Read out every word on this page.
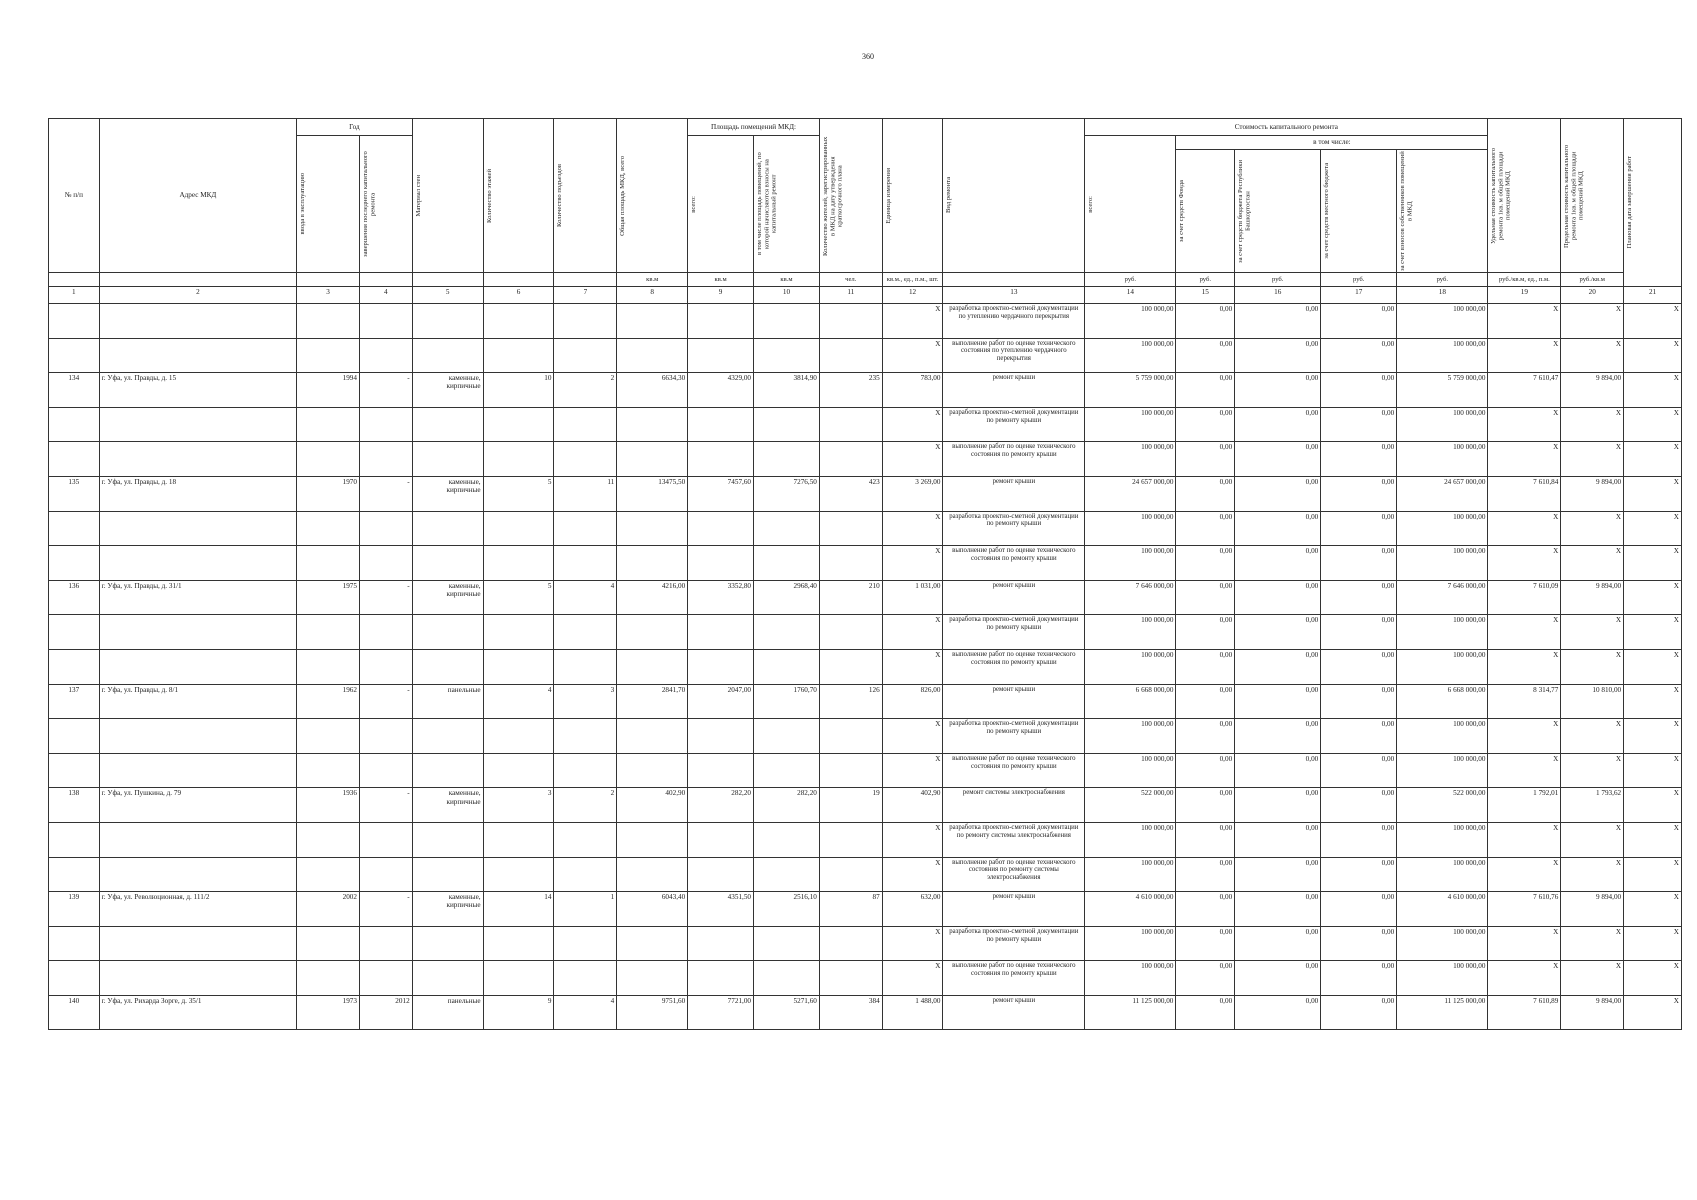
360
№ п/п	Адрес МКД	Год		Материал стен	Количество этажей	Количество подъездов	Общая площадь МКД, всего	Площадь помещений МКД:		Количество жителей, зарегистрированных в МКД на дату утверждения краткосрочного плана	Единица измерения	Вид ремонта	Стоимость капитального ремонта					Удельная стоимость капитального ремонта 1кв. м общей площади помещений МКД	Предельная стоимость капитального ремонта 1кв. м общей площади помещений МКД	Плановая дата завершения работ

		ввода в эксплуатацию	завершения последнего капитального ремонта					всего:	в том числе площадь помещений, по которой начисляются взносы на капитальный ремонт				всего:	в том числе:						

														за счет средств Фонда	за счет средств бюджета Республики Башкортостан	за счет средств местного бюджета	за счет взносов собственников помещений в МКД			

							кв.м	кв.м	кв.м	чел.	кв.м., ед., п.м., шт.		руб.	руб.	руб.	руб.	руб.	руб./кв.м, ед., п.м.	руб./кв.м	
1	2	3	4	5	6	7	8	9	10	11	12	13	14	15	16	17	18	19	20	21
											X	разработка проектно-сметной документации по утеплению чердачного перекрытия	100 000,00	0,00	0,00	0,00	100 000,00	X	X	X
											X	выполнение работ по оценке технического состояния по утеплению чердачного перекрытия	100 000,00	0,00	0,00	0,00	100 000,00	X	X	X
134	г. Уфа, ул. Правды, д. 15	1994	-	каменные, кирпичные	10	2	6634,30	4329,00	3814,90	235	783,00	ремонт крыши	5 759 000,00	0,00	0,00	0,00	5 759 000,00	7 610,47	9 894,00	X
											X	разработка проектно-сметной документации по ремонту крыши	100 000,00	0,00	0,00	0,00	100 000,00	X	X	X
											X	выполнение работ по оценке технического состояния по ремонту крыши	100 000,00	0,00	0,00	0,00	100 000,00	X	X	X
135	г. Уфа, ул. Правды, д. 18	1970	-	каменные, кирпичные	5	11	13475,50	7457,60	7276,50	423	3 269,00	ремонт крыши	24 657 000,00	0,00	0,00	0,00	24 657 000,00	7 610,84	9 894,00	X
											X	разработка проектно-сметной документации по ремонту крыши	100 000,00	0,00	0,00	0,00	100 000,00	X	X	X
											X	выполнение работ по оценке технического состояния по ремонту крыши	100 000,00	0,00	0,00	0,00	100 000,00	X	X	X
136	г. Уфа, ул. Правды, д. 31/1	1975	-	каменные, кирпичные	5	4	4216,00	3352,80	2968,40	210	1 031,00	ремонт крыши	7 646 000,00	0,00	0,00	0,00	7 646 000,00	7 610,09	9 894,00	X
											X	разработка проектно-сметной документации по ремонту крыши	100 000,00	0,00	0,00	0,00	100 000,00	X	X	X
											X	выполнение работ по оценке технического состояния по ремонту крыши	100 000,00	0,00	0,00	0,00	100 000,00	X	X	X
137	г. Уфа, ул. Правды, д. 8/1	1962	-	панельные	4	3	2841,70	2047,00	1760,70	126	826,00	ремонт крыши	6 668 000,00	0,00	0,00	0,00	6 668 000,00	8 314,77	10 810,00	X
											X	разработка проектно-сметной документации по ремонту крыши	100 000,00	0,00	0,00	0,00	100 000,00	X	X	X
											X	выполнение работ по оценке технического состояния по ремонту крыши	100 000,00	0,00	0,00	0,00	100 000,00	X	X	X
138	г. Уфа, ул. Пушкина, д. 79	1936	-	каменные, кирпичные	3	2	402,90	282,20	282,20	19	402,90	ремонт системы электроснабжения	522 000,00	0,00	0,00	0,00	522 000,00	1 792,01	1 793,62	X
											X	разработка проектно-сметной документации по ремонту системы электроснабжения	100 000,00	0,00	0,00	0,00	100 000,00	X	X	X
											X	выполнение работ по оценке технического состояния по ремонту системы электроснабжения	100 000,00	0,00	0,00	0,00	100 000,00	X	X	X
139	г. Уфа, ул. Революционная, д. 111/2	2002	-	каменные, кирпичные	14	1	6043,40	4351,50	2516,10	87	632,00	ремонт крыши	4 610 000,00	0,00	0,00	0,00	4 610 000,00	7 610,76	9 894,00	X
											X	разработка проектно-сметной документации по ремонту крыши	100 000,00	0,00	0,00	0,00	100 000,00	X	X	X
											X	выполнение работ по оценке технического состояния по ремонту крыши	100 000,00	0,00	0,00	0,00	100 000,00	X	X	X
140	г. Уфа, ул. Рихарда Зорге, д. 35/1	1973	2012	панельные	9	4	9751,60	7721,00	5271,60	384	1 488,00	ремонт крыши	11 125 000,00	0,00	0,00	0,00	11 125 000,00	7 610,89	9 894,00	X
